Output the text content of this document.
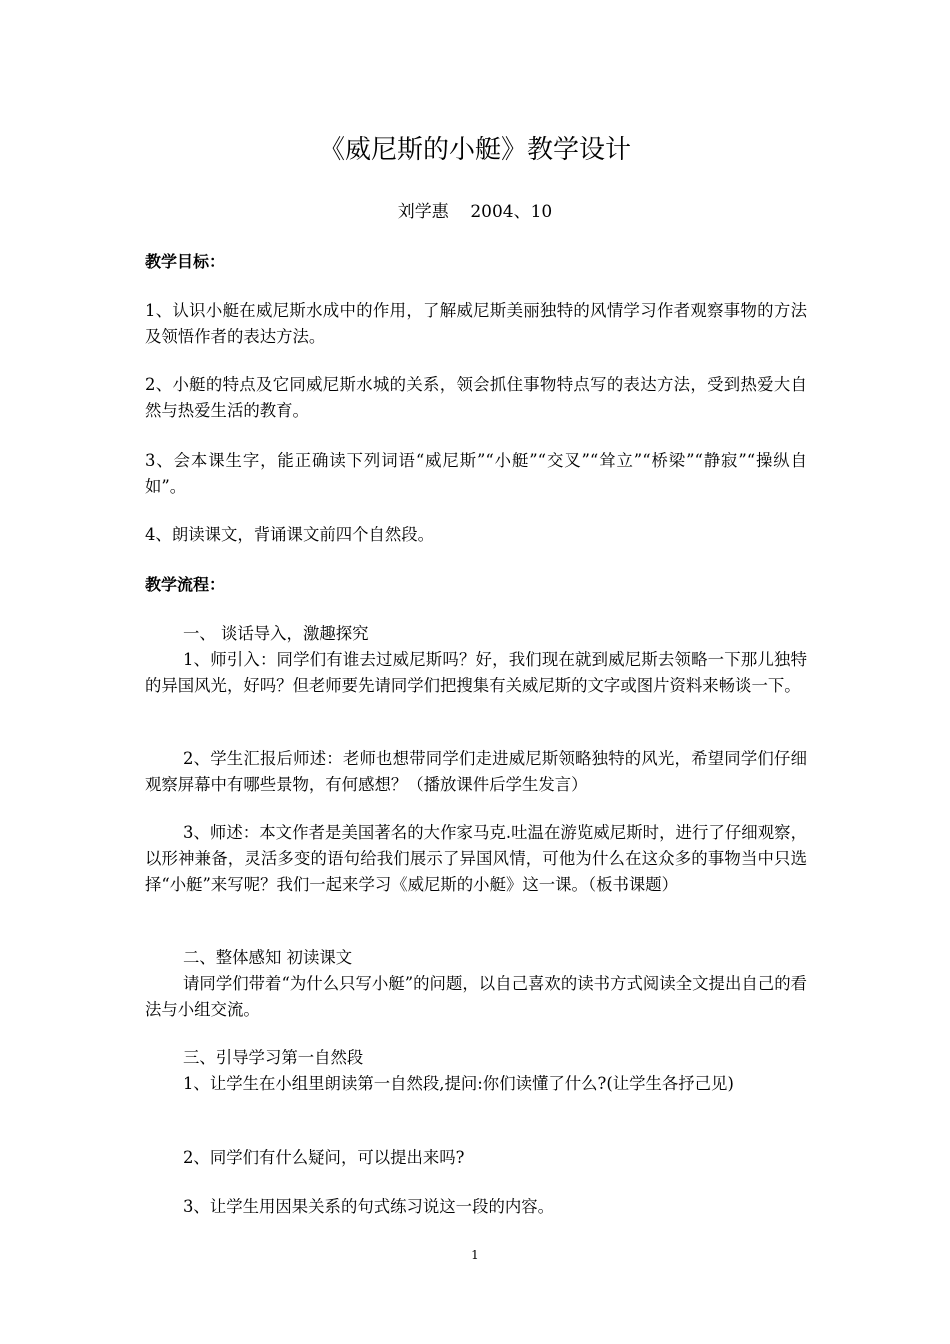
《威尼斯的小艇》教学设计
刘学惠    2004、10
教学目标：
1、认识小艇在威尼斯水成中的作用，了解威尼斯美丽独特的风情学习作者观察事物的方法及领悟作者的表达方法。
2、小艇的特点及它同威尼斯水城的关系，领会抓住事物特点写的表达方法，受到热爱大自然与热爱生活的教育。
3、会本课生字，能正确读下列词语“威尼斯”“小艇”“交叉”“耸立”“桥梁”“静寂”“操纵自如”。
4、朗读课文，背诵课文前四个自然段。
教学流程：
一、 谈话导入，激趣探究
1、师引入：同学们有谁去过威尼斯吗？好，我们现在就到威尼斯去领略一下那儿独特的异国风光，好吗？但老师要先请同学们把搜集有关威尼斯的文字或图片资料来畅谈一下。
2、学生汇报后师述：老师也想带同学们走进威尼斯领略独特的风光，希望同学们仔细观察屏幕中有哪些景物，有何感想？（播放课件后学生发言）
3、师述：本文作者是美国著名的大作家马克.吐温在游览威尼斯时，进行了仔细观察，以形神兼备，灵活多变的语句给我们展示了异国风情，可他为什么在这众多的事物当中只选择“小艇”来写呢？我们一起来学习《威尼斯的小艇》这一课。（板书课题）
二、整体感知 初读课文
请同学们带着“为什么只写小艇”的问题，以自己喜欢的读书方式阅读全文提出自己的看法与小组交流。
三、引导学习第一自然段
1、让学生在小组里朗读第一自然段,提问:你们读懂了什么?(让学生各抒己见)
2、同学们有什么疑问，可以提出来吗?
3、让学生用因果关系的句式练习说这一段的内容。
1
